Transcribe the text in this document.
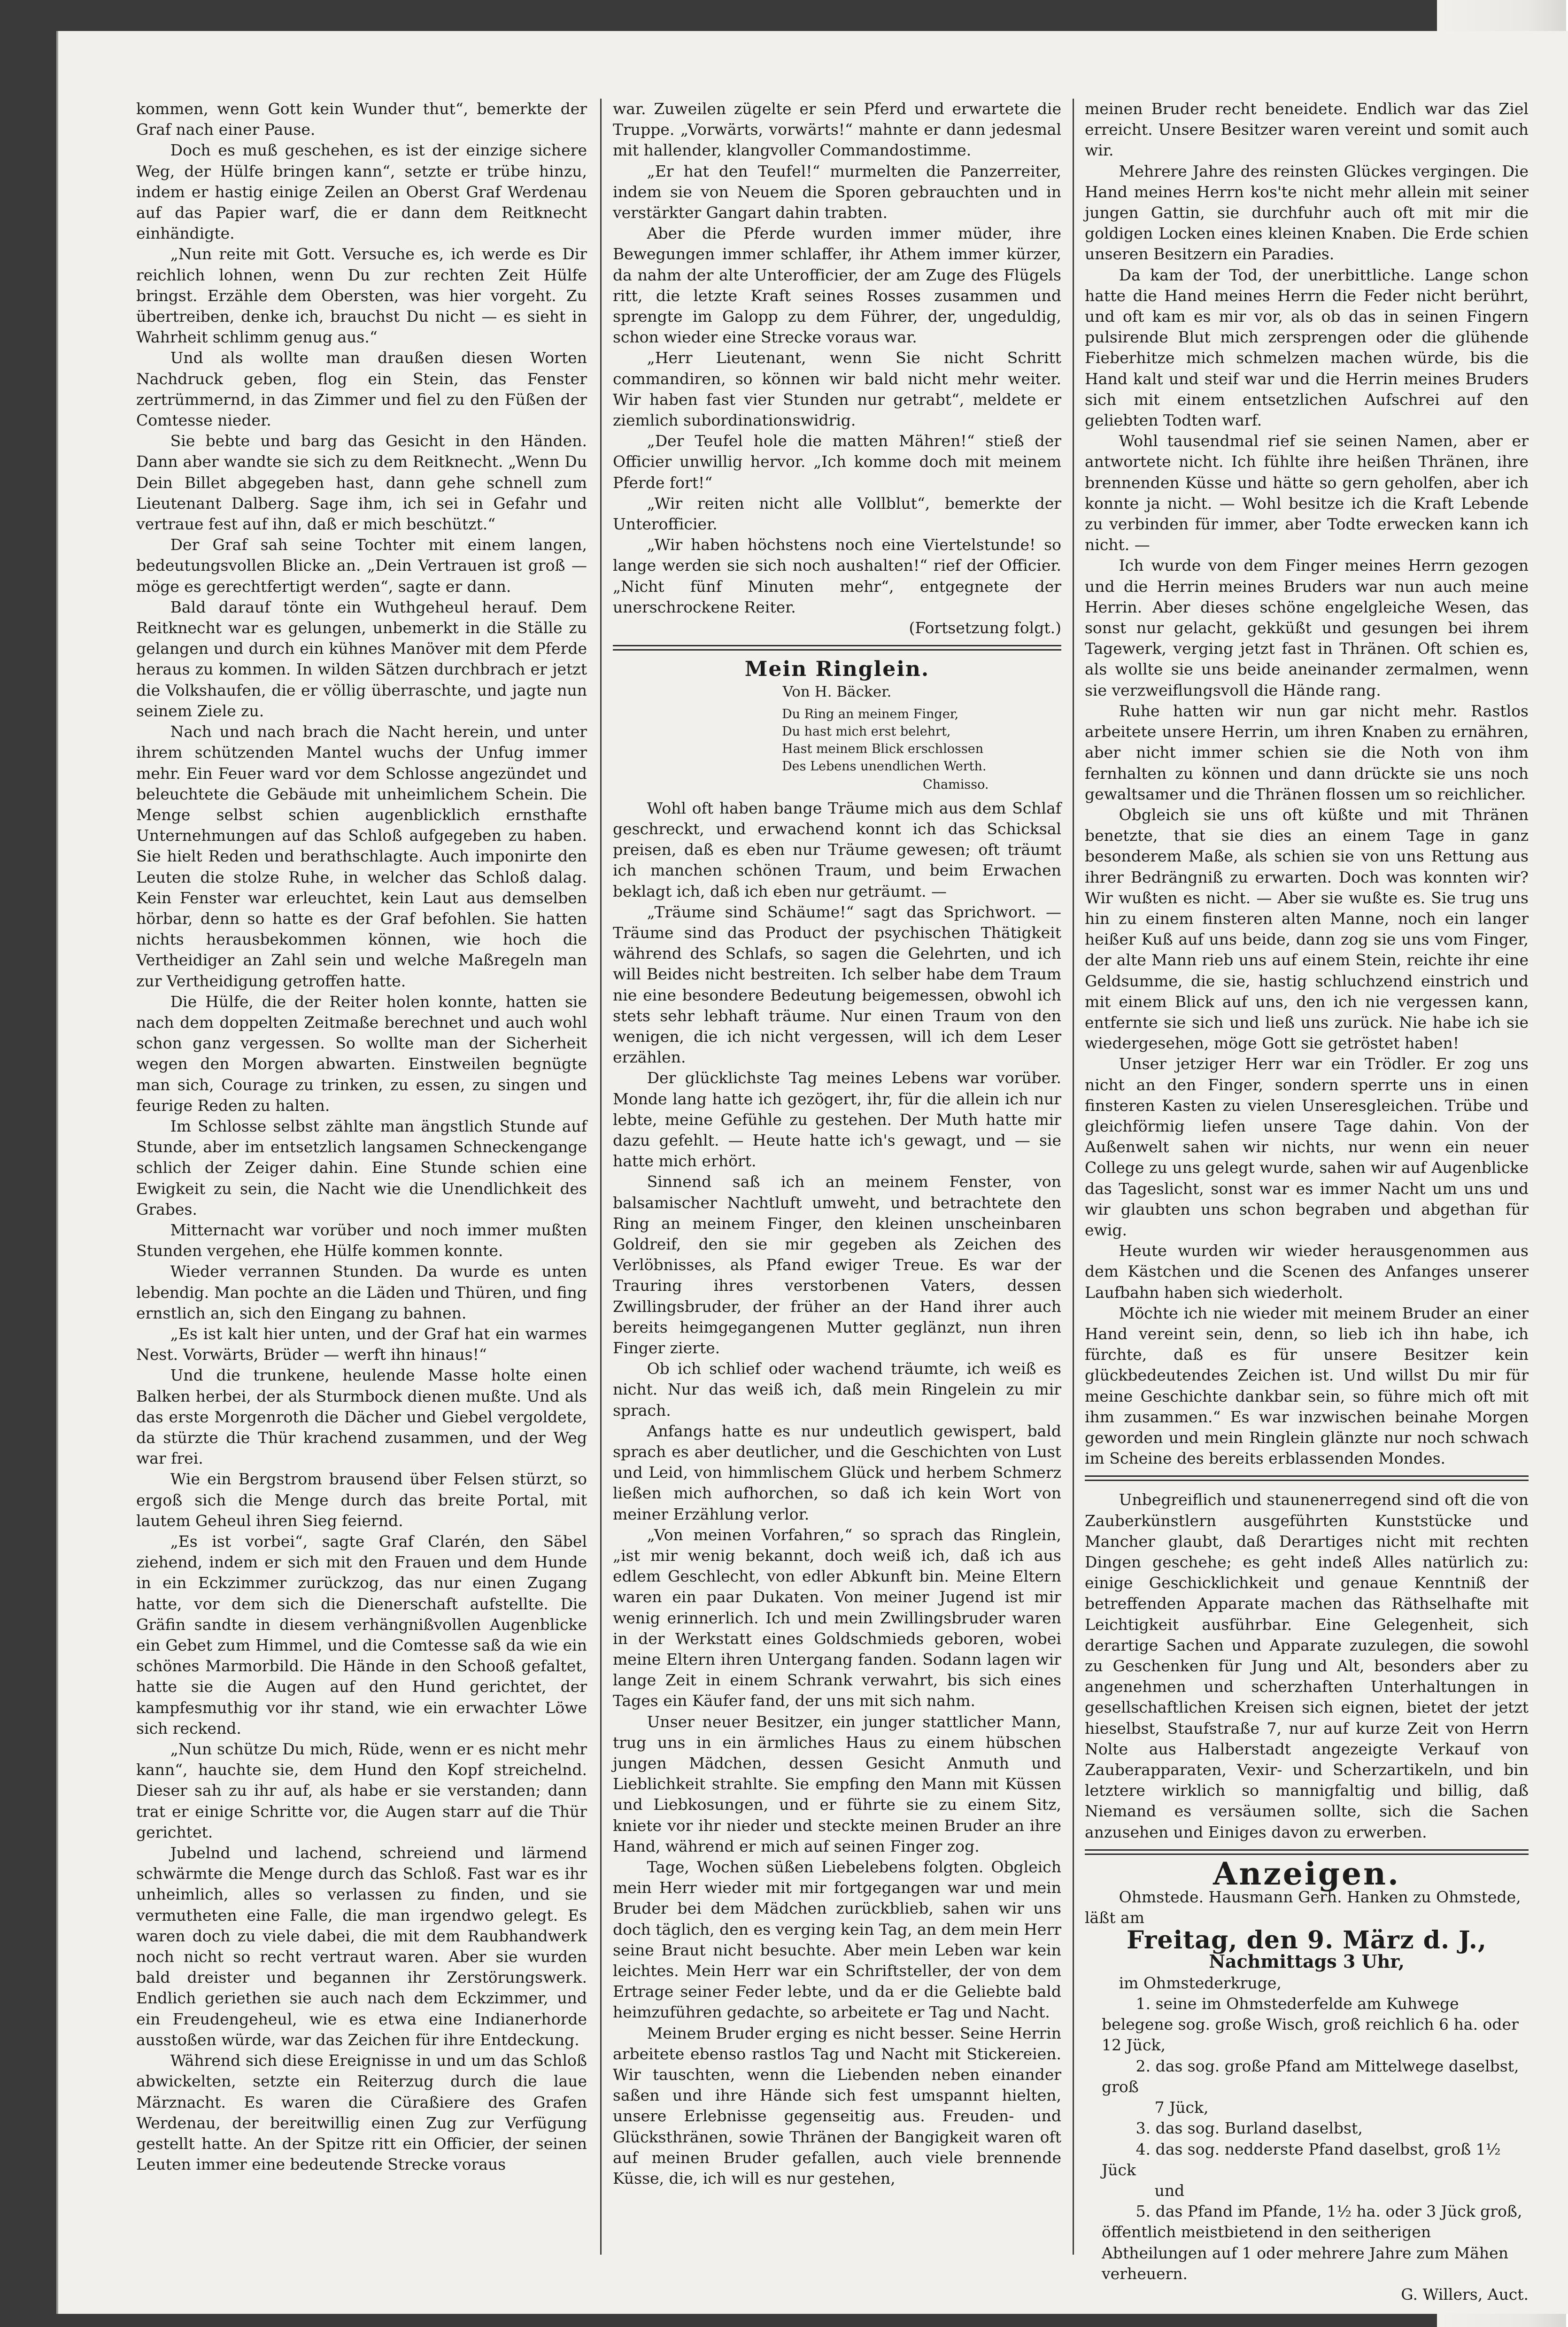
kommen, wenn Gott kein Wunder thut“, bemerkte der Graf nach einer Pause.

Doch es muß geschehen, es ist der einzige sichere Weg, der Hülfe bringen kann“, setzte er trübe hinzu, indem er hastig einige Zeilen an Oberst Graf Werdenau auf das Papier warf, die er dann dem Reitknecht einhändigte.

„Nun reite mit Gott. Versuche es, ich werde es Dir reichlich lohnen, wenn Du zur rechten Zeit Hülfe bringst. Erzähle dem Obersten, was hier vorgeht. Zu übertreiben, denke ich, brauchst Du nicht — es sieht in Wahrheit schlimm genug aus.“

Und als wollte man draußen diesen Worten Nachdruck geben, flog ein Stein, das Fenster zertrümmernd, in das Zimmer und fiel zu den Füßen der Comtesse nieder.

Sie bebte und barg das Gesicht in den Händen. Dann aber wandte sie sich zu dem Reitknecht. „Wenn Du Dein Billet abgegeben hast, dann gehe schnell zum Lieutenant Dalberg. Sage ihm, ich sei in Gefahr und vertraue fest auf ihn, daß er mich beschützt.“

Der Graf sah seine Tochter mit einem langen, bedeutungsvollen Blicke an. „Dein Vertrauen ist groß — möge es gerechtfertigt werden“, sagte er dann.

Bald darauf tönte ein Wuthgeheul herauf. Dem Reitknecht war es gelungen, unbemerkt in die Ställe zu gelangen und durch ein kühnes Manöver mit dem Pferde heraus zu kommen. In wilden Sätzen durchbrach er jetzt die Volkshaufen, die er völlig überraschte, und jagte nun seinem Ziele zu.

Nach und nach brach die Nacht herein, und unter ihrem schützenden Mantel wuchs der Unfug immer mehr. Ein Feuer ward vor dem Schlosse angezündet und beleuchtete die Gebäude mit unheimlichem Schein. Die Menge selbst schien augenblicklich ernsthafte Unternehmungen auf das Schloß aufgegeben zu haben. Sie hielt Reden und berathschlagte. Auch imponirte den Leuten die stolze Ruhe, in welcher das Schloß dalag. Kein Fenster war erleuchtet, kein Laut aus demselben hörbar, denn so hatte es der Graf befohlen. Sie hatten nichts herausbekommen können, wie hoch die Vertheidiger an Zahl sein und welche Maßregeln man zur Vertheidigung getroffen hatte.

Die Hülfe, die der Reiter holen konnte, hatten sie nach dem doppelten Zeitmaße berechnet und auch wohl schon ganz vergessen. So wollte man der Sicherheit wegen den Morgen abwarten. Einstweilen begnügte man sich, Courage zu trinken, zu essen, zu singen und feurige Reden zu halten.

Im Schlosse selbst zählte man ängstlich Stunde auf Stunde, aber im entsetzlich langsamen Schneckengange schlich der Zeiger dahin. Eine Stunde schien eine Ewigkeit zu sein, die Nacht wie die Unendlichkeit des Grabes.

Mitternacht war vorüber und noch immer mußten Stunden vergehen, ehe Hülfe kommen konnte.

Wieder verrannen Stunden. Da wurde es unten lebendig. Man pochte an die Läden und Thüren, und fing ernstlich an, sich den Eingang zu bahnen.

„Es ist kalt hier unten, und der Graf hat ein warmes Nest. Vorwärts, Brüder — werft ihn hinaus!“

Und die trunkene, heulende Masse holte einen Balken herbei, der als Sturmbock dienen mußte. Und als das erste Morgenroth die Dächer und Giebel vergoldete, da stürzte die Thür krachend zusammen, und der Weg war frei.

Wie ein Bergstrom brausend über Felsen stürzt, so ergoß sich die Menge durch das breite Portal, mit lautem Geheul ihren Sieg feiernd.

„Es ist vorbei“, sagte Graf Clarén, den Säbel ziehend, indem er sich mit den Frauen und dem Hunde in ein Eckzimmer zurückzog, das nur einen Zugang hatte, vor dem sich die Dienerschaft aufstellte. Die Gräfin sandte in diesem verhängnißvollen Augenblicke ein Gebet zum Himmel, und die Comtesse saß da wie ein schönes Marmorbild. Die Hände in den Schooß gefaltet, hatte sie die Augen auf den Hund gerichtet, der kampfesmuthig vor ihr stand, wie ein erwachter Löwe sich reckend.

„Nun schütze Du mich, Rüde, wenn er es nicht mehr kann“, hauchte sie, dem Hund den Kopf streichelnd. Dieser sah zu ihr auf, als habe er sie verstanden; dann trat er einige Schritte vor, die Augen starr auf die Thür gerichtet.

Jubelnd und lachend, schreiend und lärmend schwärmte die Menge durch das Schloß. Fast war es ihr unheimlich, alles so verlassen zu finden, und sie vermutheten eine Falle, die man irgendwo gelegt. Es waren doch zu viele dabei, die mit dem Raubhandwerk noch nicht so recht vertraut waren. Aber sie wurden bald dreister und begannen ihr Zerstörungswerk. Endlich geriethen sie auch nach dem Eckzimmer, und ein Freudengeheul, wie es etwa eine Indianerhorde ausstoßen würde, war das Zeichen für ihre Entdeckung.

Während sich diese Ereignisse in und um das Schloß abwickelten, setzte ein Reiterzug durch die laue Märznacht. Es waren die Cüraßiere des Grafen Werdenau, der bereitwillig einen Zug zur Verfügung gestellt hatte. An der Spitze ritt ein Officier, der seinen Leuten immer eine bedeutende Strecke voraus

war. Zuweilen zügelte er sein Pferd und erwartete die Truppe. „Vorwärts, vorwärts!“ mahnte er dann jedesmal mit hallender, klangvoller Commandostimme.

„Er hat den Teufel!“ murmelten die Panzerreiter, indem sie von Neuem die Sporen gebrauchten und in verstärkter Gangart dahin trabten.

Aber die Pferde wurden immer müder, ihre Bewegungen immer schlaffer, ihr Athem immer kürzer, da nahm der alte Unterofficier, der am Zuge des Flügels ritt, die letzte Kraft seines Rosses zusammen und sprengte im Galopp zu dem Führer, der, ungeduldig, schon wieder eine Strecke voraus war.

„Herr Lieutenant, wenn Sie nicht Schritt commandiren, so können wir bald nicht mehr weiter. Wir haben fast vier Stunden nur getrabt“, meldete er ziemlich subordinationswidrig.

„Der Teufel hole die matten Mähren!“ stieß der Officier unwillig hervor. „Ich komme doch mit meinem Pferde fort!“

„Wir reiten nicht alle Vollblut“, bemerkte der Unterofficier.

„Wir haben höchstens noch eine Viertelstunde! so lange werden sie sich noch aushalten!“ rief der Officier. „Nicht fünf Minuten mehr“, entgegnete der unerschrockene Reiter.

(Fortsetzung folgt.)

Mein Ringlein.
Von H. Bäcker.
Du Ring an meinem Finger,
Du hast mich erst belehrt,
Hast meinem Blick erschlossen
Des Lebens unendlichen Werth.
Chamisso.

Wohl oft haben bange Träume mich aus dem Schlaf geschreckt, und erwachend konnt ich das Schicksal preisen, daß es eben nur Träume gewesen; oft träumt ich manchen schönen Traum, und beim Erwachen beklagt ich, daß ich eben nur geträumt. —

„Träume sind Schäume!“ sagt das Sprichwort. — Träume sind das Product der psychischen Thätigkeit während des Schlafs, so sagen die Gelehrten, und ich will Beides nicht bestreiten. Ich selber habe dem Traum nie eine besondere Bedeutung beigemessen, obwohl ich stets sehr lebhaft träume. Nur einen Traum von den wenigen, die ich nicht vergessen, will ich dem Leser erzählen.

Der glücklichste Tag meines Lebens war vorüber. Monde lang hatte ich gezögert, ihr, für die allein ich nur lebte, meine Gefühle zu gestehen. Der Muth hatte mir dazu gefehlt. — Heute hatte ich's gewagt, und — sie hatte mich erhört.

Sinnend saß ich an meinem Fenster, von balsamischer Nachtluft umweht, und betrachtete den Ring an meinem Finger, den kleinen unscheinbaren Goldreif, den sie mir gegeben als Zeichen des Verlöbnisses, als Pfand ewiger Treue. Es war der Trauring ihres verstorbenen Vaters, dessen Zwillingsbruder, der früher an der Hand ihrer auch bereits heimgegangenen Mutter geglänzt, nun ihren Finger zierte.

Ob ich schlief oder wachend träumte, ich weiß es nicht. Nur das weiß ich, daß mein Ringelein zu mir sprach.

Anfangs hatte es nur undeutlich gewispert, bald sprach es aber deutlicher, und die Geschichten von Lust und Leid, von himmlischem Glück und herbem Schmerz ließen mich aufhorchen, so daß ich kein Wort von meiner Erzählung verlor.

„Von meinen Vorfahren,“ so sprach das Ringlein, „ist mir wenig bekannt, doch weiß ich, daß ich aus edlem Geschlecht, von edler Abkunft bin. Meine Eltern waren ein paar Dukaten. Von meiner Jugend ist mir wenig erinnerlich. Ich und mein Zwillingsbruder waren in der Werkstatt eines Goldschmieds geboren, wobei meine Eltern ihren Untergang fanden. Sodann lagen wir lange Zeit in einem Schrank verwahrt, bis sich eines Tages ein Käufer fand, der uns mit sich nahm.

Unser neuer Besitzer, ein junger stattlicher Mann, trug uns in ein ärmliches Haus zu einem hübschen jungen Mädchen, dessen Gesicht Anmuth und Lieblichkeit strahlte. Sie empfing den Mann mit Küssen und Liebkosungen, und er führte sie zu einem Sitz, kniete vor ihr nieder und steckte meinen Bruder an ihre Hand, während er mich auf seinen Finger zog.

Tage, Wochen süßen Liebelebens folgten. Obgleich mein Herr wieder mit mir fortgegangen war und mein Bruder bei dem Mädchen zurückblieb, sahen wir uns doch täglich, den es verging kein Tag, an dem mein Herr seine Braut nicht besuchte. Aber mein Leben war kein leichtes. Mein Herr war ein Schriftsteller, der von dem Ertrage seiner Feder lebte, und da er die Geliebte bald heimzuführen gedachte, so arbeitete er Tag und Nacht.

Meinem Bruder erging es nicht besser. Seine Herrin arbeitete ebenso rastlos Tag und Nacht mit Stickereien. Wir tauschten, wenn die Liebenden neben einander saßen und ihre Hände sich fest umspannt hielten, unsere Erlebnisse gegenseitig aus. Freuden- und Glücksthränen, sowie Thränen der Bangigkeit waren oft auf meinen Bruder gefallen, auch viele brennende Küsse, die, ich will es nur gestehen,

meinen Bruder recht beneidete. Endlich war das Ziel erreicht. Unsere Besitzer waren vereint und somit auch wir.

Mehrere Jahre des reinsten Glückes vergingen. Die Hand meines Herrn kos'te nicht mehr allein mit seiner jungen Gattin, sie durchfuhr auch oft mit mir die goldigen Locken eines kleinen Knaben. Die Erde schien unseren Besitzern ein Paradies.

Da kam der Tod, der unerbittliche. Lange schon hatte die Hand meines Herrn die Feder nicht berührt, und oft kam es mir vor, als ob das in seinen Fingern pulsirende Blut mich zersprengen oder die glühende Fieberhitze mich schmelzen machen würde, bis die Hand kalt und steif war und die Herrin meines Bruders sich mit einem entsetzlichen Aufschrei auf den geliebten Todten warf.

Wohl tausendmal rief sie seinen Namen, aber er antwortete nicht. Ich fühlte ihre heißen Thränen, ihre brennenden Küsse und hätte so gern geholfen, aber ich konnte ja nicht. — Wohl besitze ich die Kraft Lebende zu verbinden für immer, aber Todte erwecken kann ich nicht. —

Ich wurde von dem Finger meines Herrn gezogen und die Herrin meines Bruders war nun auch meine Herrin. Aber dieses schöne engelgleiche Wesen, das sonst nur gelacht, gekküßt und gesungen bei ihrem Tagewerk, verging jetzt fast in Thränen. Oft schien es, als wollte sie uns beide aneinander zermalmen, wenn sie verzweiflungsvoll die Hände rang.

Ruhe hatten wir nun gar nicht mehr. Rastlos arbeitete unsere Herrin, um ihren Knaben zu ernähren, aber nicht immer schien sie die Noth von ihm fernhalten zu können und dann drückte sie uns noch gewaltsamer und die Thränen flossen um so reichlicher.

Obgleich sie uns oft küßte und mit Thränen benetzte, that sie dies an einem Tage in ganz besonderem Maße, als schien sie von uns Rettung aus ihrer Bedrängniß zu erwarten. Doch was konnten wir? Wir wußten es nicht. — Aber sie wußte es. Sie trug uns hin zu einem finsteren alten Manne, noch ein langer heißer Kuß auf uns beide, dann zog sie uns vom Finger, der alte Mann rieb uns auf einem Stein, reichte ihr eine Geldsumme, die sie, hastig schluchzend einstrich und mit einem Blick auf uns, den ich nie vergessen kann, entfernte sie sich und ließ uns zurück. Nie habe ich sie wiedergesehen, möge Gott sie getröstet haben!

Unser jetziger Herr war ein Trödler. Er zog uns nicht an den Finger, sondern sperrte uns in einen finsteren Kasten zu vielen Unseresgleichen. Trübe und gleichförmig liefen unsere Tage dahin. Von der Außenwelt sahen wir nichts, nur wenn ein neuer College zu uns gelegt wurde, sahen wir auf Augenblicke das Tageslicht, sonst war es immer Nacht um uns und wir glaubten uns schon begraben und abgethan für ewig.

Heute wurden wir wieder herausgenommen aus dem Kästchen und die Scenen des Anfanges unserer Laufbahn haben sich wiederholt.

Möchte ich nie wieder mit meinem Bruder an einer Hand vereint sein, denn, so lieb ich ihn habe, ich fürchte, daß es für unsere Besitzer kein glückbedeutendes Zeichen ist. Und willst Du mir für meine Geschichte dankbar sein, so führe mich oft mit ihm zusammen.“ Es war inzwischen beinahe Morgen geworden und mein Ringlein glänzte nur noch schwach im Scheine des bereits erblassenden Mondes.

Unbegreiflich und staunenerregend sind oft die von Zauberkünstlern ausgeführten Kunststücke und Mancher glaubt, daß Derartiges nicht mit rechten Dingen geschehe; es geht indeß Alles natürlich zu: einige Geschicklichkeit und genaue Kenntniß der betreffenden Apparate machen das Räthselhafte mit Leichtigkeit ausführbar. Eine Gelegenheit, sich derartige Sachen und Apparate zuzulegen, die sowohl zu Geschenken für Jung und Alt, besonders aber zu angenehmen und scherzhaften Unterhaltungen in gesellschaftlichen Kreisen sich eignen, bietet der jetzt hieselbst, Staufstraße 7, nur auf kurze Zeit von Herrn Nolte aus Halberstadt angezeigte Verkauf von Zauberapparaten, Vexir- und Scherzartikeln, und bin letztere wirklich so mannigfaltig und billig, daß Niemand es versäumen sollte, sich die Sachen anzusehen und Einiges davon zu erwerben.

Anzeigen.

Ohmstede. Hausmann Gerh. Hanken zu Ohmstede, läßt am

Freitag, den 9. März d. J.,
Nachmittags 3 Uhr,

im Ohmstederkruge,

1. seine im Ohmstederfelde am Kuhwege belegene sog. große Wisch, groß reichlich 6 ha. oder 12 Jück,

2. das sog. große Pfand am Mittelwege daselbst, groß

7 Jück,

3. das sog. Burland daselbst,

4. das sog. nedderste Pfand daselbst, groß 1½ Jück

und

5. das Pfand im Pfande, 1½ ha. oder 3 Jück groß, öffentlich meistbietend in den seitherigen Abtheilungen auf 1 oder mehrere Jahre zum Mähen verheuern.

G. Willers, Auct.
